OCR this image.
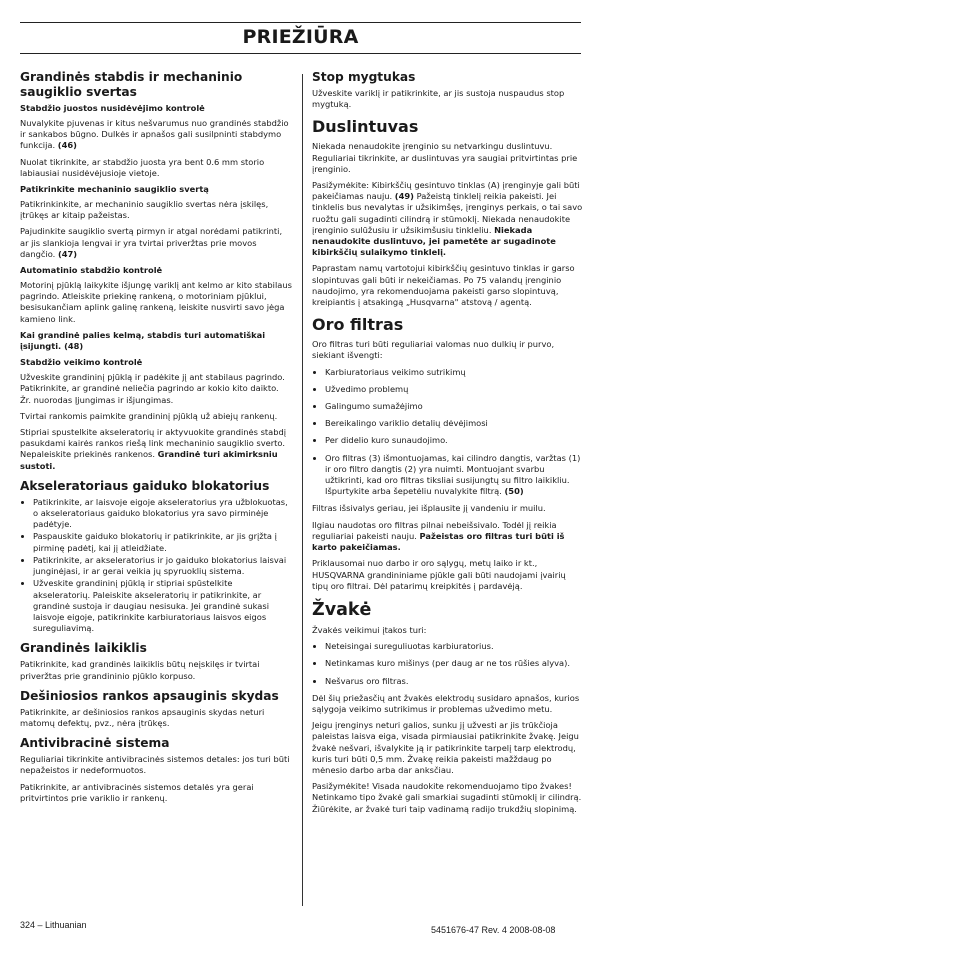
PRIEŽIŪRA
Grandinės stabdis ir mechaninio saugiklio svertas
Stabdžio juostos nusidėvėjimo kontrolė

Nuvalykite pjuvenas ir kitus nešvarumus nuo grandinės stabdžio ir sankabos būgno. Dulkės ir apnašos gali susilpninti stabdymo funkcija. (46)

Nuolat tikrinkite, ar stabdžio juosta yra bent 0.6 mm storio labiausiai nusidėvėjusioje vietoje.

Patikrinkite mechaninio saugiklio svertą

Patikrinkinkite, ar mechaninio saugiklio svertas nėra įskilęs, įtrūkęs ar kitaip pažeistas.

Pajudinkite saugiklio svertą pirmyn ir atgal norėdami patikrinti, ar jis slankioja lengvai ir yra tvirtai priveržtas prie movos dangčio. (47)

Automatinio stabdžio kontrolė

Motorinį pjūklą laikykite išjungę variklį ant kelmo ar kito stabilaus pagrindo. Atleiskite priekinę rankeną, o motoriniam pjūklui, besisukančiam aplink galinę rankeną, leiskite nusvirti savo jėga kamieno link.

Kai grandinė palies kelmą, stabdis turi automatiškai įsijungti. (48)

Stabdžio veikimo kontrolė

Užveskite grandininį pjūklą ir padėkite jį ant stabilaus pagrindo. Patikrinkite, ar grandinė neliečia pagrindo ar kokio kito daikto. Žr. nuorodas Įjungimas ir išjungimas.

Tvirtai rankomis paimkite grandininį pjūklą už abiejų rankenų.

Stipriai spustelkite akseleratorių ir aktyvuokite grandinės stabdį pasukdami kairės rankos riešą link mechaninio saugiklio sverto. Nepaleiskite priekinės rankenos. Grandinė turi akimirksniu sustoti.

Akseleratoriaus gaiduko blokatorius
• Patikrinkite, ar laisvoje eigoje akseleratorius yra užblokuotas, o akseleratoriaus gaiduko blokatorius yra savo pirminėje padėtyje.
• Paspauskite gaiduko blokatorių ir patikrinkite, ar jis grįžta į pirminę padėtį, kai jį atleidžiate.
• Patikrinkite, ar akseleratorius ir jo gaiduko blokatorius laisvai junginėjasi, ir ar gerai veikia jų spyruoklių sistema.
• Užveskite grandininį pjūklą ir stipriai spūstelkite akseleratorių. Paleiskite akseleratorių ir patikrinkite, ar grandinė sustoja ir daugiau nesisuka. Jei grandinė sukasi laisvoje eigoje, patikrinkite karbiuratoriaus laisvos eigos sureguliavimą.
Grandinės laikiklis

Patikrinkite, kad grandinės laikiklis būtų neįskilęs ir tvirtai priveržtas prie grandininio pjūklo korpuso.

Dešiniosios rankos apsauginis skydas

Patikrinkite, ar dešiniosios rankos apsauginis skydas neturi matomų defektų, pvz., nėra įtrūkęs.

Antivibracinė sistema

Reguliariai tikrinkite antivibracinės sistemos detales: jos turi būti nepažeistos ir nedeformuotos.

Patikrinkite, ar antivibracinės sistemos detalės yra gerai pritvirtintos prie variklio ir rankenų.

Stop mygtukas

Užveskite variklį ir patikrinkite, ar jis sustoja nuspaudus stop mygtuką.

Duslintuvas

Niekada nenaudokite įrenginio su netvarkingu duslintuvu. Reguliariai tikrinkite, ar duslintuvas yra saugiai pritvirtintas prie įrenginio.

Pasižymėkite: Kibirkščių gesintuvo tinklas (A) įrenginyje gali būti pakeičiamas nauju. (49) Pažeistą tinklelį reikia pakeisti. Jei tinklelis bus nevalytas ir užsikimšęs, įrenginys perkais, o tai savo ruožtu gali sugadinti cilindrą ir stūmoklį. Niekada nenaudokite įrenginio sulūžusiu ir užsikimšusiu tinkleliu. Niekada nenaudokite duslintuvo, jei pametėte ar sugadinote kibirkščių sulaikymo tinklelį.

Paprastam namų vartotojui kibirkščių gesintuvo tinklas ir garso slopintuvas gali būti ir nekeičiamas. Po 75 valandų įrenginio naudojimo, yra rekomenduojama pakeisti garso slopintuvą, kreipiantis į atsakingą „Husqvarna" atstovą / agentą.

Oro filtras

Oro filtras turi būti reguliariai valomas nuo dulkių ir purvo, siekiant išvengti:

• Karbiuratoriaus veikimo sutrikimų
• Užvedimo problemų
• Galingumo sumažėjimo
• Bereikalingo variklio detalių dėvėjimosi
• Per didelio kuro sunaudojimo.
• Oro filtras (3) išmontuojamas, kai cilindro dangtis, varžtas (1) ir oro filtro dangtis (2) yra nuimti. Montuojant svarbu užtikrinti, kad oro filtras tiksliai susijungtų su filtro laikikliu. Išpurtykite arba šepetėliu nuvalykite filtrą. (50)

Filtras išsivalys geriau, jei išplausite jį vandeniu ir muilu.

Ilgiau naudotas oro filtras pilnai nebeišsivalo. Todėl jį reikia reguliariai pakeisti nauju. Pažeistas oro filtras turi būti iš karto pakeičiamas.

Priklausomai nuo darbo ir oro sąlygų, metų laiko ir kt., HUSQVARNA grandininiame pjūkle gali būti naudojami įvairių tipų oro filtrai. Dėl patarimų kreipkitės į pardavėją.

Žvakė

Žvakės veikimui įtakos turi:

• Neteisingai sureguliuotas karbiuratorius.
• Netinkamas kuro mišinys (per daug ar ne tos rūšies alyva).
• Nešvarus oro filtras.

Dėl šių priežasčių ant žvakės elektrodų susidaro apnašos, kurios sąlygoja veikimo sutrikimus ir problemas užvedimo metu.

Jeigu įrenginys neturi galios, sunku jį užvesti ar jis trūkčioja paleistas laisva eiga, visada pirmiausiai patikrinkite žvakę. Jeigu žvakė nešvari, išvalykite ją ir patikrinkite tarpelį tarp elektrodų, kuris turi būti 0,5 mm. Žvakę reikia pakeisti mažždaug po mėnesio darbo arba dar anksčiau.

Pasižymėkite! Visada naudokite rekomenduojamo tipo žvakes! Netinkamo tipo žvakė gali smarkiai sugadinti stūmoklį ir cilindrą. Žiūrėkite, ar žvakė turi taip vadinamą radijo trukdžių slopinimą.

324 – Lithuanian	5451676-47 Rev. 4 2008-08-08
